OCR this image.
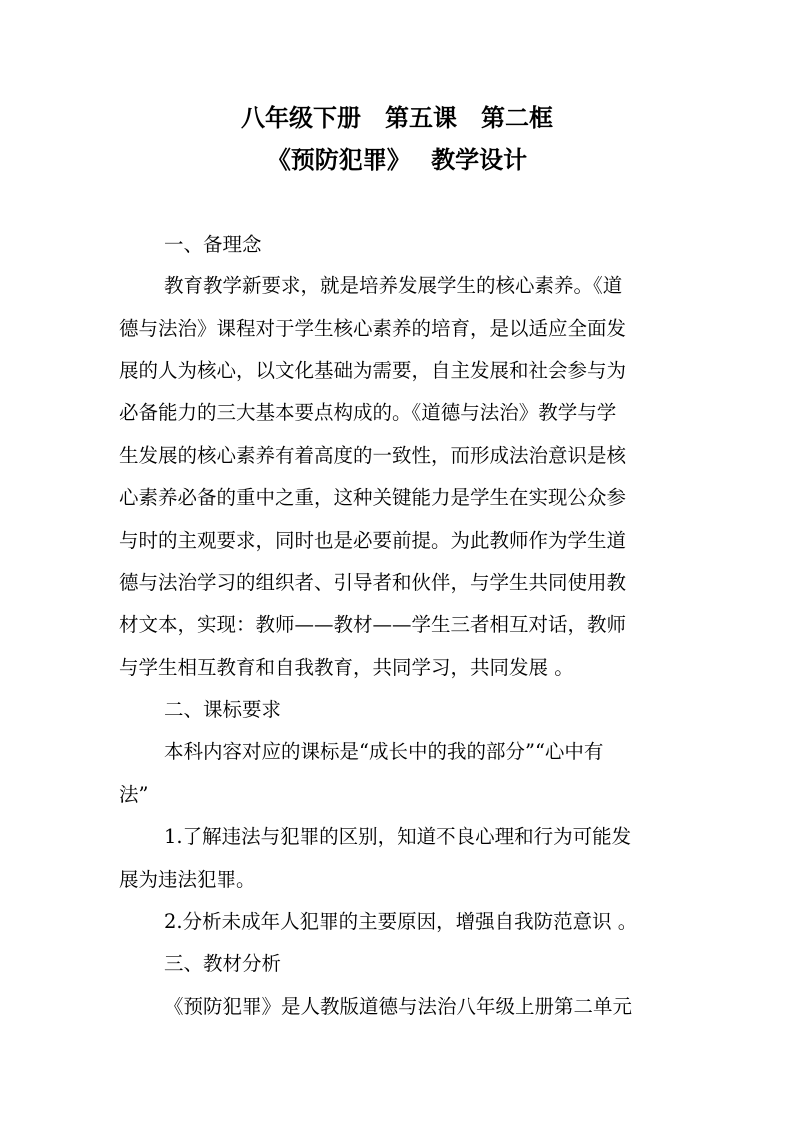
八年级下册　第五课　第二框
《预防犯罪》　 教学设计
一、备理念
教育教学新要求，就是培养发展学生的核心素养。《道
德与法治》课程对于学生核心素养的培育，是以适应全面发
展的人为核心，以文化基础为需要，自主发展和社会参与为
必备能力的三大基本要点构成的。《道德与法治》教学与学
生发展的核心素养有着高度的一致性，而形成法治意识是核
心素养必备的重中之重，这种关键能力是学生在实现公众参
与时的主观要求，同时也是必要前提。为此教师作为学生道
德与法治学习的组织者、引导者和伙伴，与学生共同使用教
材文本，实现：教师——教材——学生三者相互对话，教师
与学生相互教育和自我教育，共同学习，共同发展 。
二、课标要求
本科内容对应的课标是“成长中的我的部分”“心中有
法”
1.了解违法与犯罪的区别，知道不良心理和行为可能发
展为违法犯罪。
2.分析未成年人犯罪的主要原因，增强自我防范意识 。
三、教材分析
《预防犯罪》是人教版道德与法治八年级上册第二单元
